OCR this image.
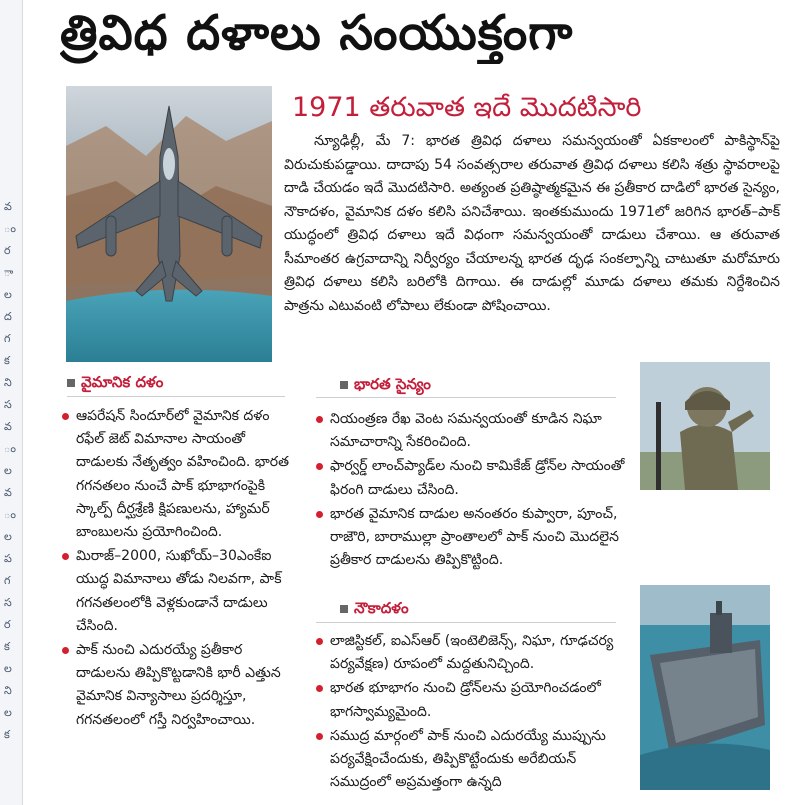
వ
ం
ర
ా
ల
ద
గ
క
ని
స
వ
ం
ల
వ
ం
ల
ప
గ
స
ర
క
ల
ని
ల
క
త్రివిధ దళాలు సంయుక్తంగా
1971 తరువాత ఇదే మొదటిసారి
న్యూఢిల్లీ, మే 7: భారత త్రివిధ దళాలు సమన్వయంతో ఏకకాలంలో పాకిస్థాన్‌పై విరుచుకుపడ్డాయి. దాదాపు 54 సంవత్సరాల తరువాత త్రివిధ దళాలు కలిసి శత్రు స్థావరాలపై దాడి చేయడం ఇదే మొదటిసారి. అత్యంత ప్రతిష్ఠాత్మకమైన ఈ ప్రతీకార దాడిలో భారత సైన్యం, నౌకాదళం, వైమానిక దళం కలిసి పనిచేశాయి. ఇంతకుముందు 1971లో జరిగిన భారత్‌–పాక్‌ యుద్ధంలో త్రివిధ దళాలు ఇదే విధంగా సమన్వయంతో దాడులు చేశాయి. ఆ తరువాత సీమాంతర ఉగ్రవాదాన్ని నిర్వీర్యం చేయాలన్న భారత దృఢ సంకల్పాన్ని చాటుతూ మరోమారు త్రివిధ దళాలు కలిసి బరిలోకి దిగాయి. ఈ దాడుల్లో మూడు దళాలు తమకు నిర్దేశించిన పాత్రను ఎటువంటి లోపాలు లేకుండా పోషించాయి.
వైమానిక దళం
ఆపరేషన్‌ సిందూర్‌లో వైమానిక దళం రఫేల్‌ జెట్‌ విమానాల సాయంతో దాడులకు నేతృత్వం వహించింది. భారత గగనతలం నుంచే పాక్‌ భూభాగంపైకి స్కాల్ప్‌ దీర్ఘశ్రేణి క్షిపణులను, హ్యామర్‌ బాంబులను ప్రయోగించింది.
మిరాజ్‌–2000, సుఖోయ్‌–30ఎంకేఐ యుద్ధ విమానాలు తోడు నిలవగా, పాక్‌ గగనతలంలోకి వెళ్లకుండానే దాడులు చేసింది.
పాక్‌ నుంచి ఎదురయ్యే ప్రతీకార దాడులను తిప్పికొట్టడానికి భారీ ఎత్తున వైమానిక విన్యాసాలు ప్రదర్శిస్తూ, గగనతలంలో గస్తీ నిర్వహించాయి.
భారత సైన్యం
నియంత్రణ రేఖ వెంట సమన్వయంతో కూడిన నిఘా సమాచారాన్ని సేకరించింది.
ఫార్వర్డ్‌ లాంచ్‌ప్యాడ్‌ల నుంచి కామికేజ్‌ డ్రోన్‌ల సాయంతో ఫిరంగి దాడులు చేసింది.
భారత వైమానిక దాడుల అనంతరం కుప్వారా, పూంచ్‌, రాజౌరి, బారాముల్లా ప్రాంతాలలో పాక్‌ నుంచి మొదలైన ప్రతీకార దాడులను తిప్పికొట్టింది.
నౌకాదళం
లాజిస్టికల్‌, ఐఎస్‌ఆర్‌ (ఇంటెలిజెన్స్‌, నిఘా, గూఢచర్య పర్యవేక్షణ) రూపంలో మద్దతునిచ్చింది.
భారత భూభాగం నుంచి డ్రోన్‌లను ప్రయోగించడంలో భాగస్వామ్యమైంది.
సముద్ర మార్గంలో పాక్‌ నుంచి ఎదురయ్యే ముప్పును పర్యవేక్షించేందుకు, తిప్పికొట్టేందుకు అరేబియన్‌ సముద్రంలో అప్రమత్తంగా ఉన్నది
